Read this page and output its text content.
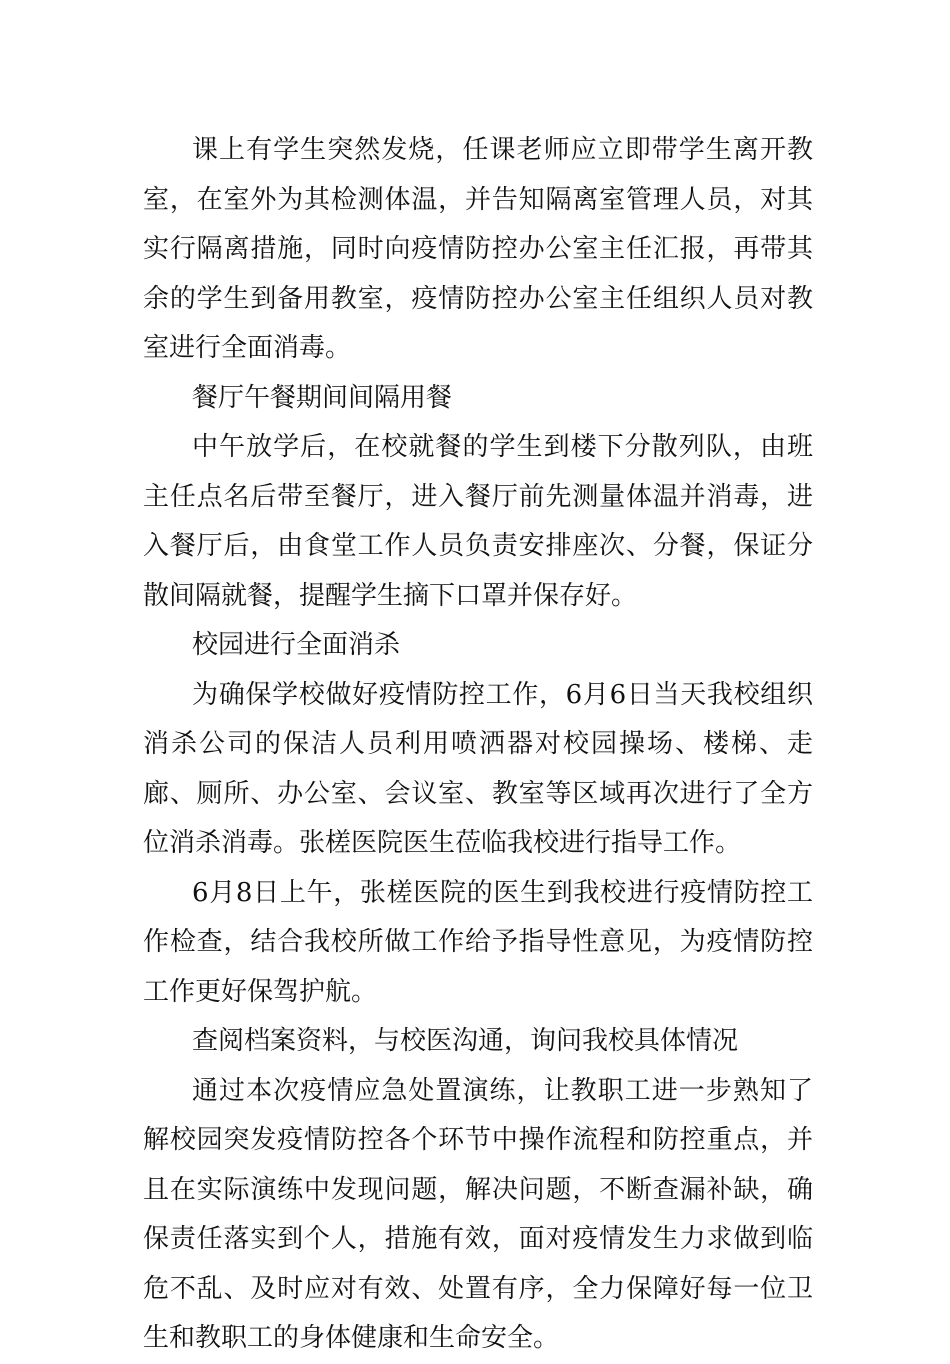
课上有学生突然发烧，任课老师应立即带学生离开教室，在室外为其检测体温，并告知隔离室管理人员，对其实行隔离措施，同时向疫情防控办公室主任汇报，再带其余的学生到备用教室，疫情防控办公室主任组织人员对教室进行全面消毒。

餐厅午餐期间间隔用餐

中午放学后，在校就餐的学生到楼下分散列队，由班主任点名后带至餐厅，进入餐厅前先测量体温并消毒，进入餐厅后，由食堂工作人员负责安排座次、分餐，保证分散间隔就餐，提醒学生摘下口罩并保存好。

校园进行全面消杀

为确保学校做好疫情防控工作，6月6日当天我校组织消杀公司的保洁人员利用喷洒器对校园操场、楼梯、走廊、厕所、办公室、会议室、教室等区域再次进行了全方位消杀消毒。张槎医院医生莅临我校进行指导工作。

6月8日上午，张槎医院的医生到我校进行疫情防控工作检查，结合我校所做工作给予指导性意见，为疫情防控工作更好保驾护航。

查阅档案资料，与校医沟通，询问我校具体情况

通过本次疫情应急处置演练，让教职工进一步熟知了解校园突发疫情防控各个环节中操作流程和防控重点，并且在实际演练中发现问题，解决问题，不断查漏补缺，确保责任落实到个人，措施有效，面对疫情发生力求做到临危不乱、及时应对有效、处置有序，全力保障好每一位卫生和教职工的身体健康和生命安全。
